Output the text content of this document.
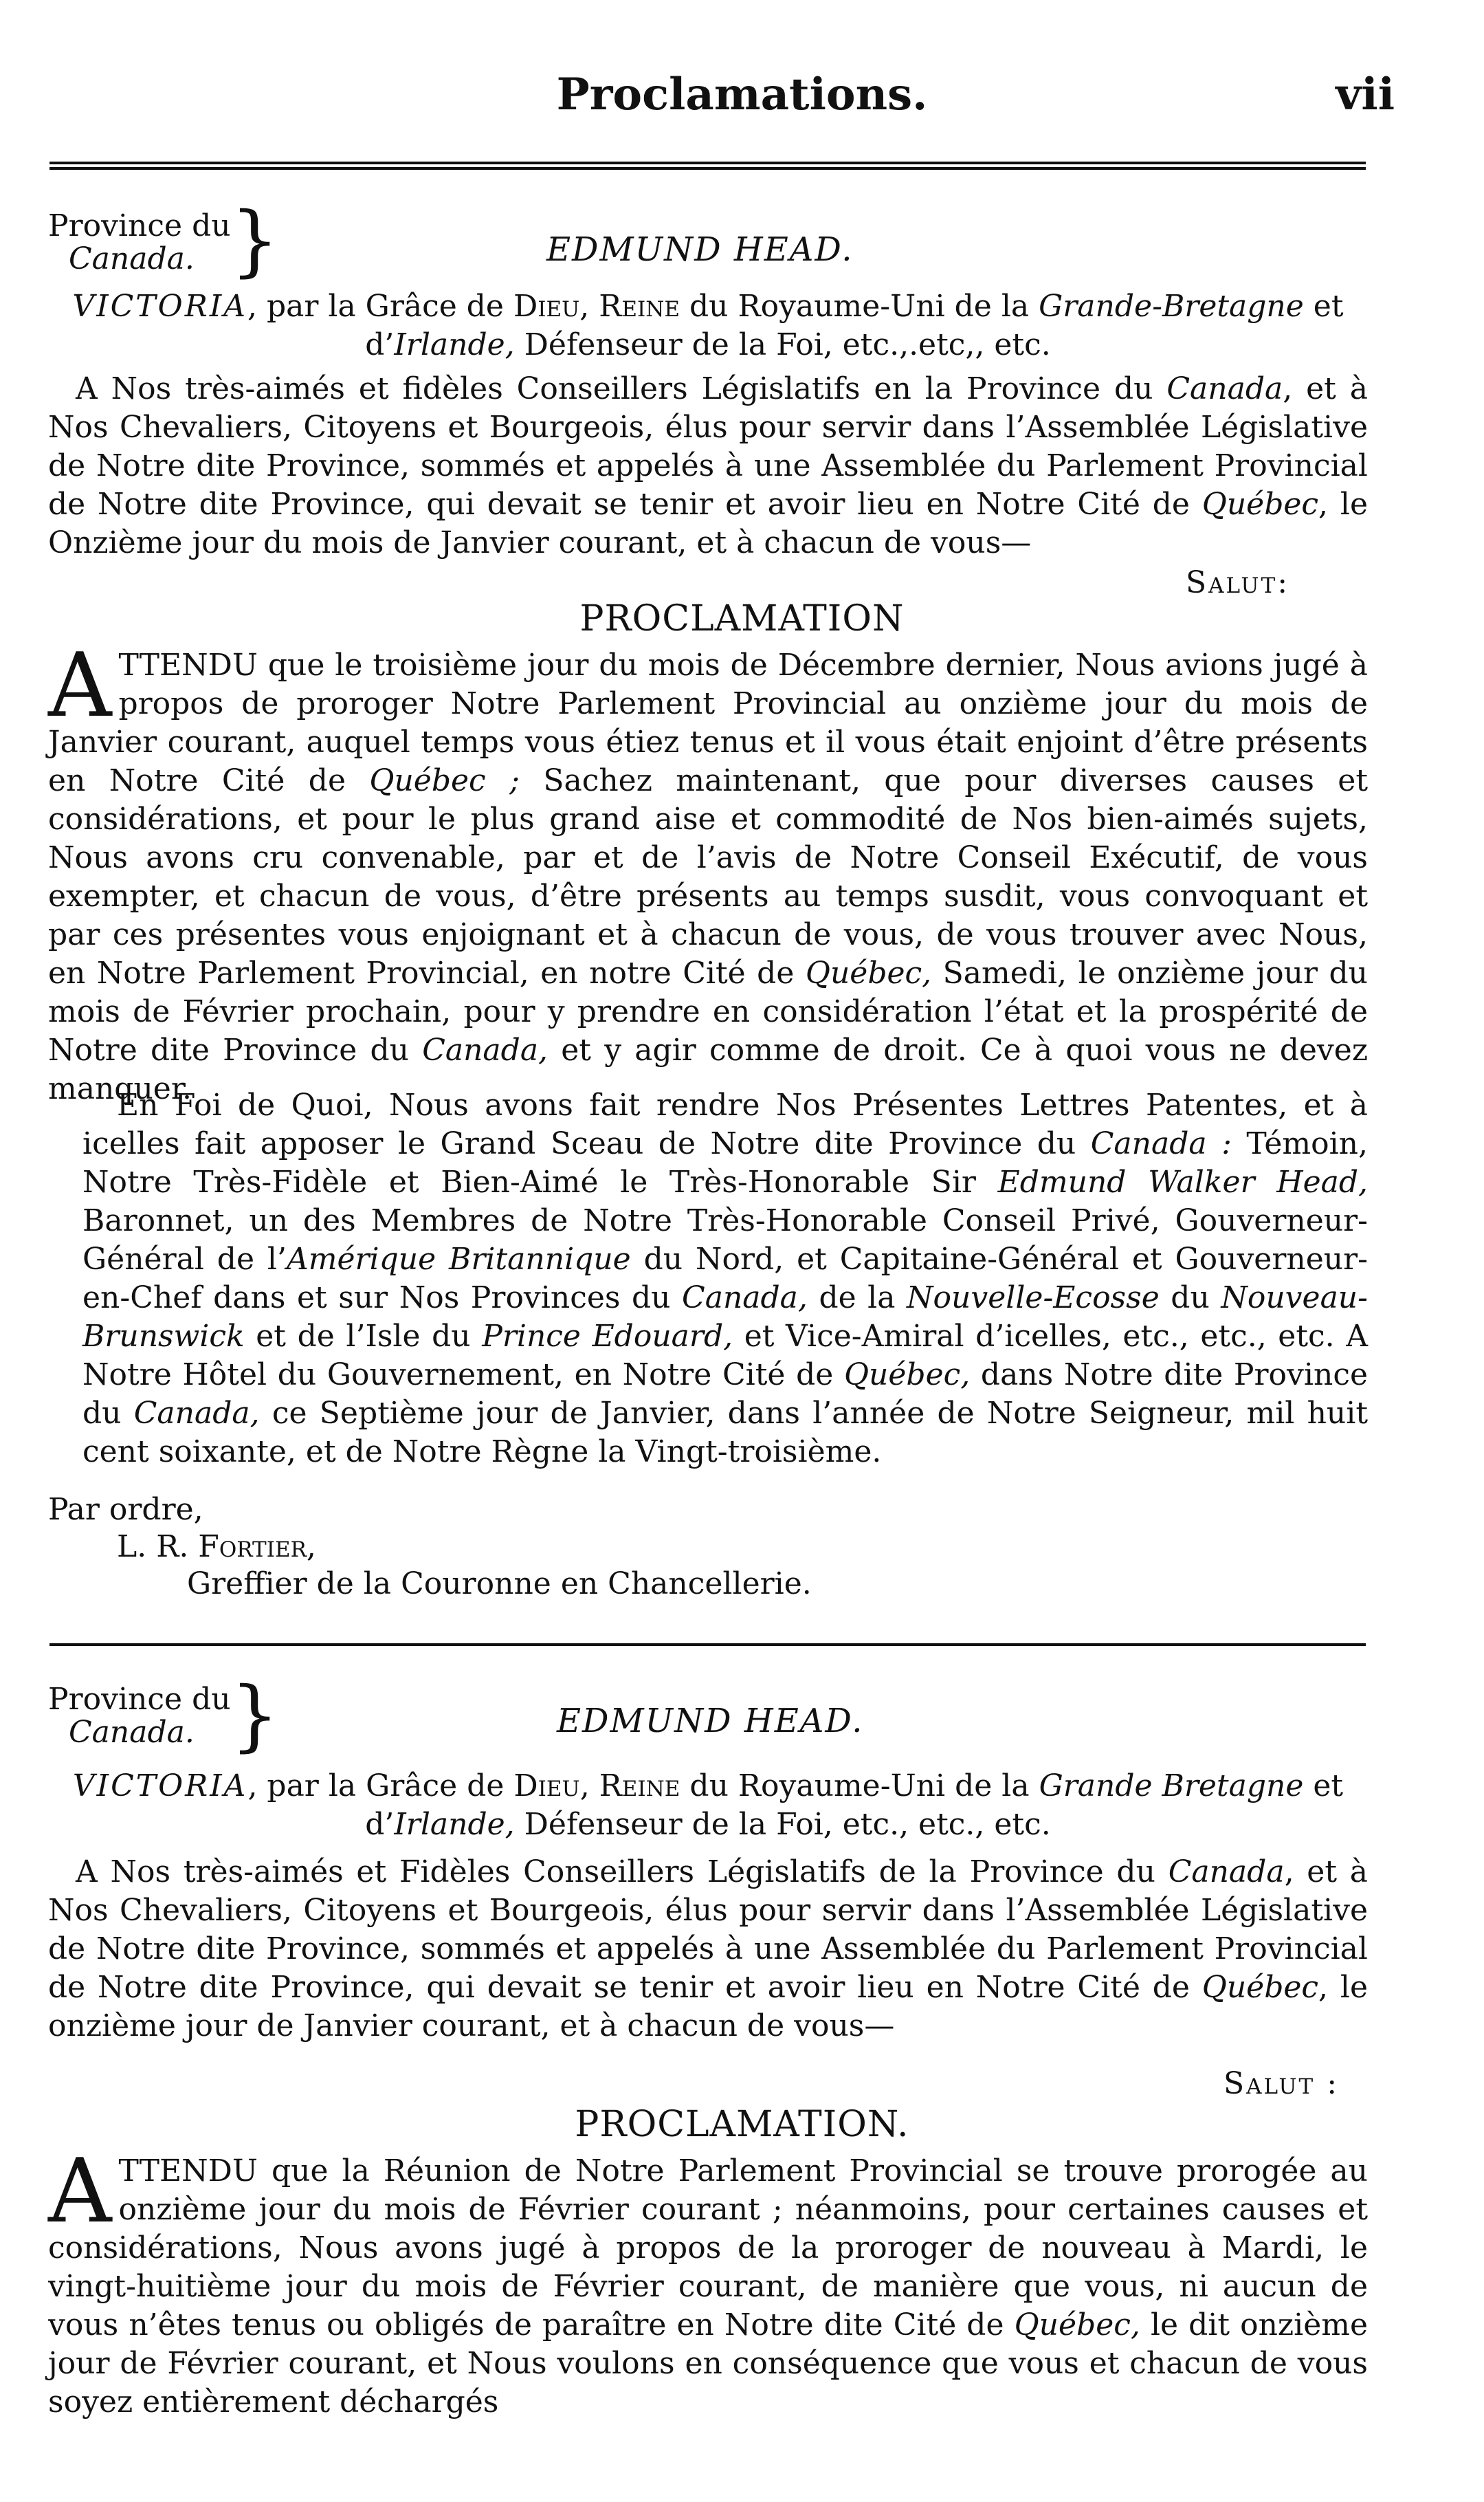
Proclamations.	vii
Province du
Canada. }	EDMUND HEAD.
VICTORIA, par la Grâce de Dieu, Reine du Royaume-Uni de la Grande-Bretagne et d’Irlande, Défenseur de la Foi, etc.,.etc,, etc.

A Nos très-aimés et fidèles Conseillers Législatifs en la Province du Canada, et à Nos Chevaliers, Citoyens et Bourgeois, élus pour servir dans l’Assemblée Législative de Notre dite Province, sommés et appelés à une Assemblée du Parlement Provincial de Notre dite Province, qui devait se tenir et avoir lieu en Notre Cité de Québec, le Onzième jour du mois de Janvier courant, et à chacun de vous—

Salut:
PROCLAMATION

ATTENDU que le troisième jour du mois de Décembre dernier, Nous avions jugé à propos de proroger Notre Parlement Provincial au onzième jour du mois de Janvier courant, auquel temps vous étiez tenus et il vous était enjoint d’être présents en Notre Cité de Québec ; Sachez maintenant, que pour diverses causes et considérations, et pour le plus grand aise et commodité de Nos bien-aimés sujets, Nous avons cru convenable, par et de l’avis de Notre Conseil Exécutif, de vous exempter, et chacun de vous, d’être présents au temps susdit, vous convoquant et par ces présentes vous enjoignant et à chacun de vous, de vous trouver avec Nous, en Notre Parlement Provincial, en notre Cité de Québec, Samedi, le onzième jour du mois de Février prochain, pour y prendre en considération l’état et la prospérité de Notre dite Province du Canada, et y agir comme de droit. Ce à quoi vous ne devez manquer.

En Foi de Quoi, Nous avons fait rendre Nos Présentes Lettres Patentes, et à icelles fait apposer le Grand Sceau de Notre dite Province du Canada : Témoin, Notre Très-Fidèle et Bien-Aimé le Très-Honorable Sir Edmund Walker Head, Baronnet, un des Membres de Notre Très-Honorable Conseil Privé, Gouverneur-Général de l’Amérique Britannique du Nord, et Capitaine-Général et Gouverneur-en-Chef dans et sur Nos Provinces du Canada, de la Nouvelle-Ecosse du Nouveau-Brunswick et de l’Isle du Prince Edouard, et Vice-Amiral d’icelles, etc., etc., etc. A Notre Hôtel du Gouvernement, en Notre Cité de Québec, dans Notre dite Province du Canada, ce Septième jour de Janvier, dans l’année de Notre Seigneur, mil huit cent soixante, et de Notre Règne la Vingt-troisième.

Par ordre,
L. R. Fortier,
Greffier de la Couronne en Chancellerie.
Province du
Canada. }	EDMUND HEAD.
VICTORIA, par la Grâce de Dieu, Reine du Royaume-Uni de la Grande Bretagne et d’Irlande, Défenseur de la Foi, etc., etc., etc.

A Nos très-aimés et Fidèles Conseillers Législatifs de la Province du Canada, et à Nos Chevaliers, Citoyens et Bourgeois, élus pour servir dans l’Assemblée Législative de Notre dite Province, sommés et appelés à une Assemblée du Parlement Provincial de Notre dite Province, qui devait se tenir et avoir lieu en Notre Cité de Québec, le onzième jour de Janvier courant, et à chacun de vous—

Salut :
PROCLAMATION.

ATTENDU que la Réunion de Notre Parlement Provincial se trouve prorogée au onzième jour du mois de Février courant ; néanmoins, pour certaines causes et considérations, Nous avons jugé à propos de la proroger de nouveau à Mardi, le vingt-huitième jour du mois de Février courant, de manière que vous, ni aucun de vous n’êtes tenus ou obligés de paraître en Notre dite Cité de Québec, le dit onzième jour de Février courant, et Nous voulons en conséquence que vous et chacun de vous soyez entièrement déchargés
